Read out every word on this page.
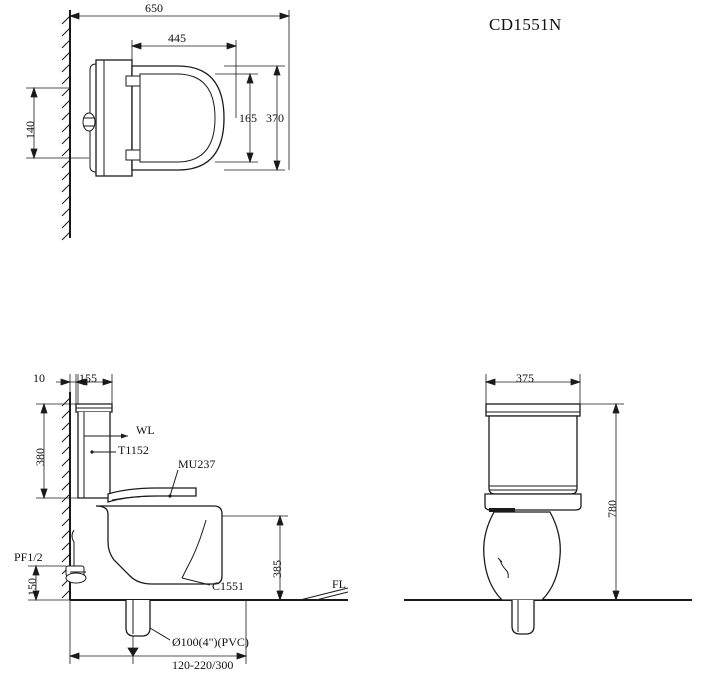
CD1551N
650
445
165 370
140
10	155
380
150
385
WL
T1152
MU237
PF1/2
C1551	FL
Ø100(4")(PVC)
120-220/300
375
780
